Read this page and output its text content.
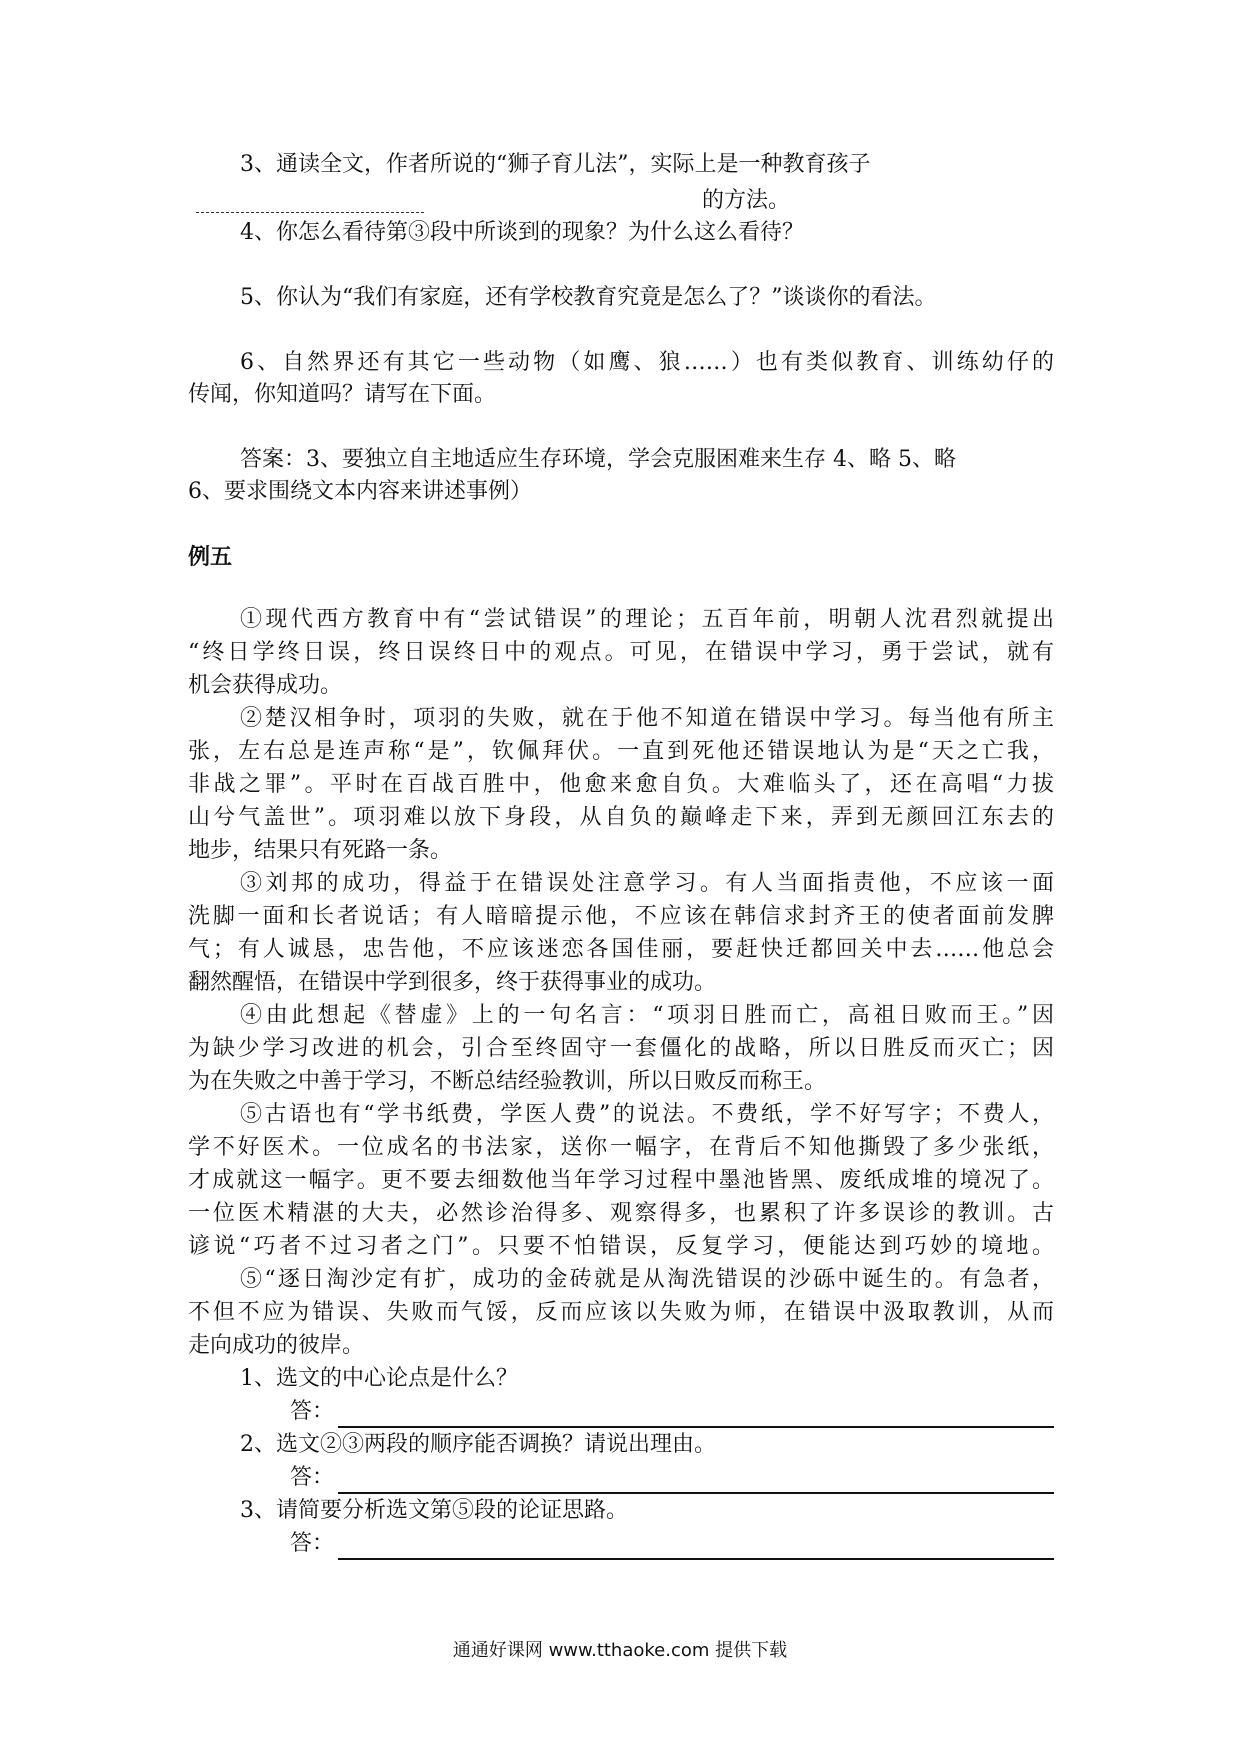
3、通读全文，作者所说的“狮子育儿法”，实际上是一种教育孩子
的方法。
4、你怎么看待第③段中所谈到的现象？为什么这么看待？
5、你认为“我们有家庭，还有学校教育究竟是怎么了？”谈谈你的看法。
6、自然界还有其它一些动物（如鹰、狼……）也有类似教育、训练幼仔的
传闻，你知道吗？请写在下面。
答案：3、要独立自主地适应生存环境，学会克服困难来生存 4、略 5、略
6、要求围绕文本内容来讲述事例）
例五
①现代西方教育中有“尝试错误”的理论；五百年前，明朝人沈君烈就提出
“终日学终日误，终日误终日中的观点。可见，在错误中学习，勇于尝试，就有
机会获得成功。
②楚汉相争时，项羽的失败，就在于他不知道在错误中学习。每当他有所主
张，左右总是连声称“是”，钦佩拜伏。一直到死他还错误地认为是“天之亡我，
非战之罪”。平时在百战百胜中，他愈来愈自负。大难临头了，还在高唱“力拔
山兮气盖世”。项羽难以放下身段，从自负的巅峰走下来，弄到无颜回江东去的
地步，结果只有死路一条。
③刘邦的成功，得益于在错误处注意学习。有人当面指责他，不应该一面
洗脚一面和长者说话；有人暗暗提示他，不应该在韩信求封齐王的使者面前发脾
气；有人诚恳，忠告他，不应该迷恋各国佳丽，要赶快迁都回关中去……他总会
翻然醒悟，在错误中学到很多，终于获得事业的成功。
④由此想起《替虚》上的一句名言：“项羽日胜而亡，高祖日败而王。”因
为缺少学习改进的机会，引合至终固守一套僵化的战略，所以日胜反而灭亡；因
为在失败之中善于学习，不断总结经验教训，所以日败反而称王。
⑤古语也有“学书纸费，学医人费”的说法。不费纸，学不好写字；不费人，
学不好医术。一位成名的书法家，送你一幅字，在背后不知他撕毁了多少张纸，
才成就这一幅字。更不要去细数他当年学习过程中墨池皆黑、废纸成堆的境况了。
一位医术精湛的大夫，必然诊治得多、观察得多，也累积了许多误诊的教训。古
谚说“巧者不过习者之门”。只要不怕错误，反复学习，便能达到巧妙的境地。
⑤“逐日淘沙定有扩，成功的金砖就是从淘洗错误的沙砾中诞生的。有急者，
不但不应为错误、失败而气馁，反而应该以失败为师，在错误中汲取教训，从而
走向成功的彼岸。
1、选文的中心论点是什么？
答：
2、选文②③两段的顺序能否调换？请说出理由。
答：
3、请简要分析选文第⑤段的论证思路。
答：
通通好课网 www.tthaoke.com 提供下载
